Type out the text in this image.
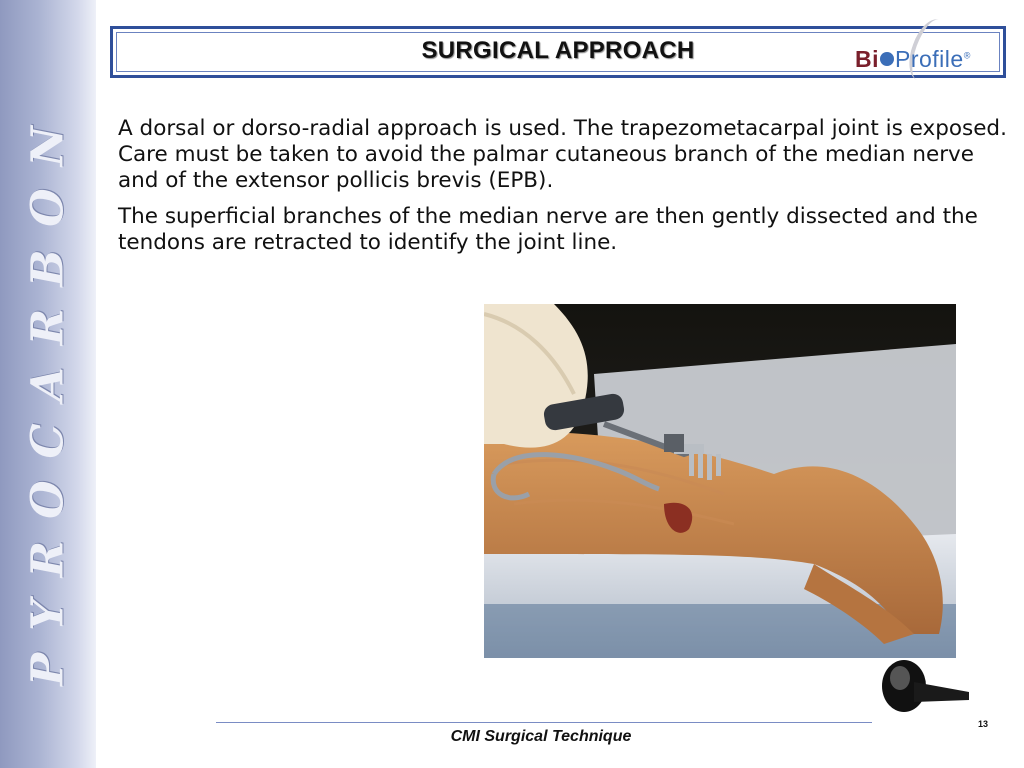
PYROCARBON
SURGICAL APPROACH	Bi Profile®

A dorsal or dorso-radial approach is used. The trapezometacarpal joint is exposed. Care must be taken to avoid the palmar cutaneous branch of the median nerve and of the extensor pollicis brevis (EPB).

The superficial branches of the median nerve are then gently dissected and the tendons are retracted to identify the joint line.

CMI Surgical Technique
13
